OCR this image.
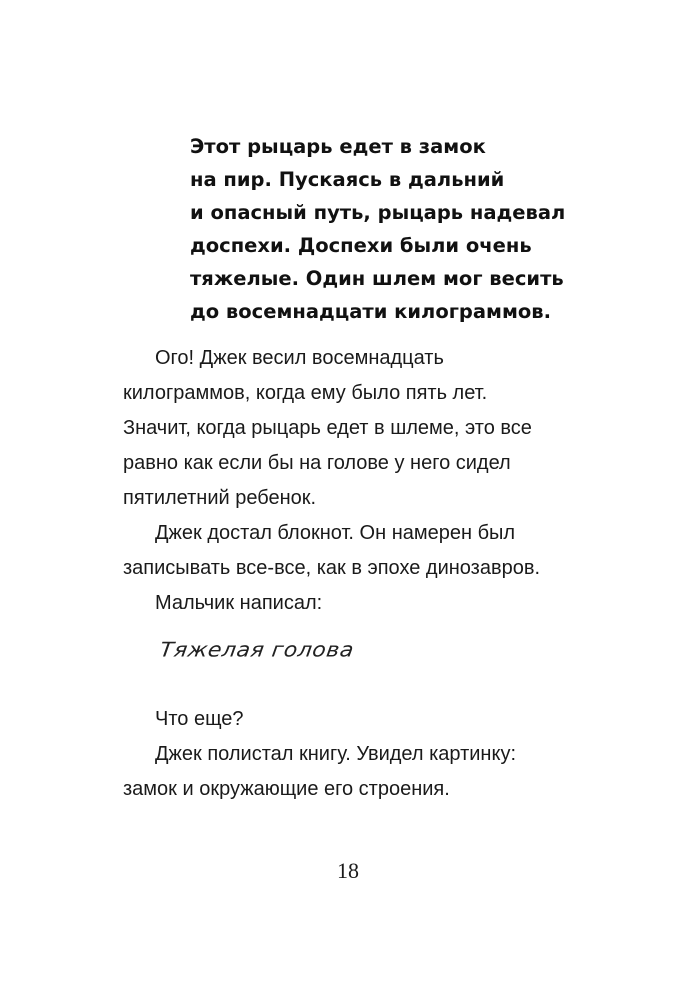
Этот рыцарь едет в замок
на пир. Пускаясь в дальний
и опасный путь, рыцарь надевал
доспехи. Доспехи были очень
тяжелые. Один шлем мог весить
до восемнадцати килограммов.
Ого! Джек весил восемнадцать
килограммов, когда ему было пять лет.
Значит, когда рыцарь едет в шлеме, это все
равно как если бы на голове у него сидел
пятилетний ребенок.
Джек достал блокнот. Он намерен был
записывать все-все, как в эпохе динозавров.
Мальчик написал:
Тяжелая голова
Что еще?
Джек полистал книгу. Увидел картинку:
замок и окружающие его строения.
18
